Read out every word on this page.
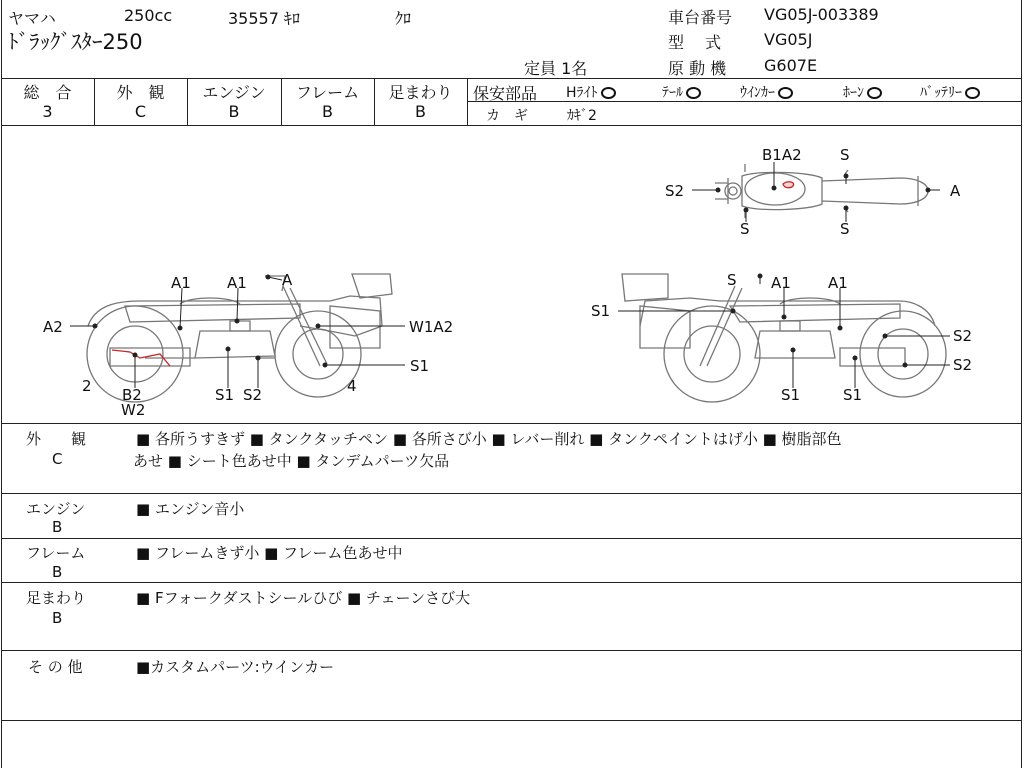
ヤマハ	250cc	35557 ｷﾛ	ｸﾛ
ﾄﾞﾗｯｸﾞｽﾀｰ250
定員 1名
車台番号 VG05J-003389
型　 式	VG05J
原 動 機 G607E
総　合
3
外　観
C
エンジン
B
フレーム
B
足まわり
B
保安部品 Hﾗｲﾄ	ﾃｰﾙ	ｳｲﾝｶｰ	ﾎｰﾝ	ﾊﾞｯﾃﾘｰ
カ　ギ	ｶｷﾞ2
B1A2	S
S2	A
S	S
A1 A1 A
A2	W1A2
S1
2 B2
W2
S1 S2	4
S A1 A1
S1
S2
S2
S1	S1
外　　観
C
■ 各所うすきず ■ タンクタッチペン ■ 各所さび小 ■ レバー削れ ■ タンクペイントはげ小 ■ 樹脂部色
あせ ■ シート色あせ中 ■ タンデムパーツ欠品
エンジン
B
■ エンジン音小
フレーム
B
■ フレームきず小 ■ フレーム色あせ中
足まわり
B
■ Fフォークダストシールひび ■ チェーンさび大
そ の 他	■カスタムパーツ:ウインカー
